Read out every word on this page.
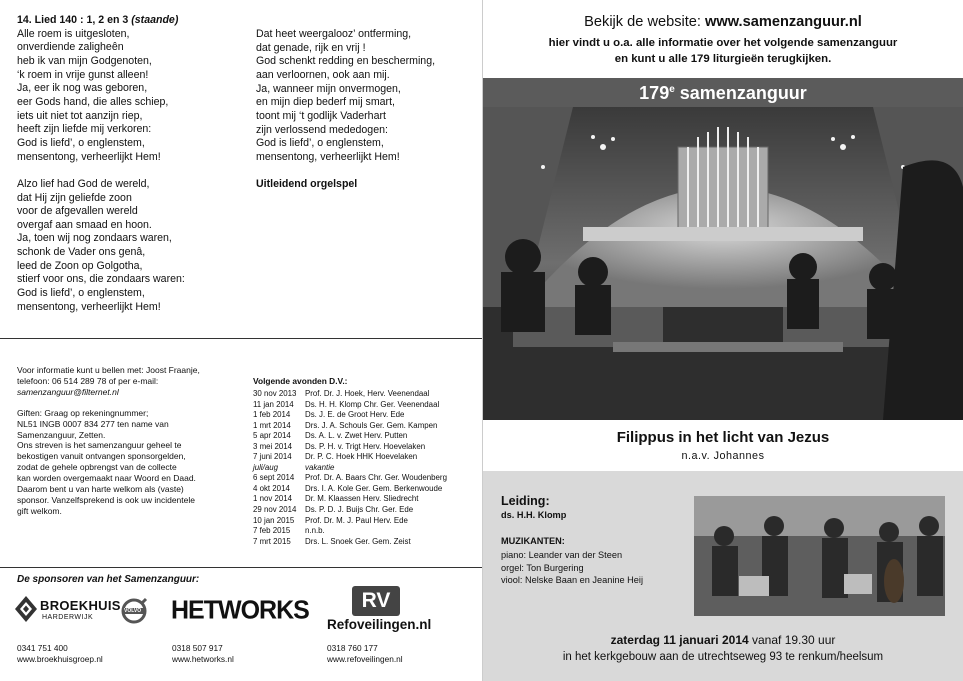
14. Lied 140 : 1, 2 en 3 (staande)
Alle roem is uitgesloten,
onverdiende zaligheên
heb ik van mijn Godgenoten,
‘k roem in vrije gunst alleen!
Ja, eer ik nog was geboren,
eer Gods hand, die alles schiep,
iets uit niet tot aanzijn riep,
heeft zijn liefde mij verkoren:
God is liefd’, o englenstem,
mensentong, verheerlijkt Hem!
Alzo lief had God de wereld,
dat Hij zijn geliefde zoon
voor de afgevallen wereld
overgaf aan smaad en hoon.
Ja, toen wij nog zondaars waren,
schonk de Vader ons genâ,
leed de Zoon op Golgotha,
stierf voor ons, die zondaars waren:
God is liefd’, o englenstem,
mensentong, verheerlijkt Hem!
Dat heet weergalooz’ ontferming,
dat genade, rijk en vrij !
God schenkt redding en bescherming,
aan verloornen, ook aan mij.
Ja, wanneer mijn onvermogen,
en mijn diep bederf mij smart,
toont mij ‘t godlijk Vaderhart
zijn verlossend mededogen:
God is liefd’, o englenstem,
mensentong, verheerlijkt Hem!
Uitleidend orgelspel
Voor informatie kunt u bellen met: Joost Fraanje,
telefoon: 06 514 289 78 of per e-mail:
samenzanguur@filternet.nl
Giften: Graag op rekeningnummer;
NL51 INGB 0007 834 277 ten name van
Samenzanguur, Zetten.
Ons streven is het samenzanguur geheel te
bekostigen vanuit ontvangen sponsorgelden,
zodat de gehele opbrengst van de collecte
kan worden overgemaakt naar Woord en Daad.
Daarom bent u van harte welkom als (vaste)
sponsor. Vanzelfsprekend is ook uw incidentele
gift welkom.
Volgende avonden D.V.:
30 nov 2013 Prof. Dr. J. Hoek, Herv. Veenendaal
11 jan 2014 Ds. H. H. Klomp Chr. Ger. Veenendaal
1 feb 2014 Ds. J. E. de Groot Herv. Ede
1 mrt 2014 Drs. J. A. Schouls Ger. Gem. Kampen
5 apr 2014 Ds. A. L. v. Zwet Herv. Putten
3 mei 2014 Ds. P. H. v. Trigt Herv. Hoevelaken
7 juni 2014 Dr. P. C. Hoek HHK Hoevelaken
juli/aug	vakantie
6 sept 2014 Prof. Dr. A. Baars Chr. Ger. Woudenberg
4 okt 2014 Drs. I. A. Kole Ger. Gem. Berkenwoude
1 nov 2014 Dr. M. Klaassen Herv. Sliedrecht
29 nov 2014 Ds. P. D. J. Buijs Chr. Ger. Ede
10 jan 2015 Prof. Dr. M. J. Paul Herv. Ede
7 feb 2015 n.n.b.
7 mrt 2015 Drs. L. Snoek Ger. Gem. Zeist
De sponsoren van het Samenzanguur:
BROEKHUIS
HARDERWIJK
VOLVO HETWORKS	RV
Refoveilingen.nl
0341 751 400
www.broekhuisgroep.nl
0318 507 917
www.hetworks.nl
0318 760 177
www.refoveilingen.nl
Bekijk de website: www.samenzanguur.nl
hier vindt u o.a. alle informatie over het volgende samenzanguur
en kunt u alle 179 liturgieën terugkijken.
179e samenzanguur
Filippus in het licht van Jezus
n.a.v. Johannes
Leiding:
ds. H.H. Klomp
MUZIKANTEN:
piano: Leander van der Steen
orgel: Ton Burgering
viool: Nelske Baan en Jeanine Heij
zaterdag 11 januari 2014 vanaf 19.30 uur
in het kerkgebouw aan de utrechtseweg 93 te renkum/heelsum
